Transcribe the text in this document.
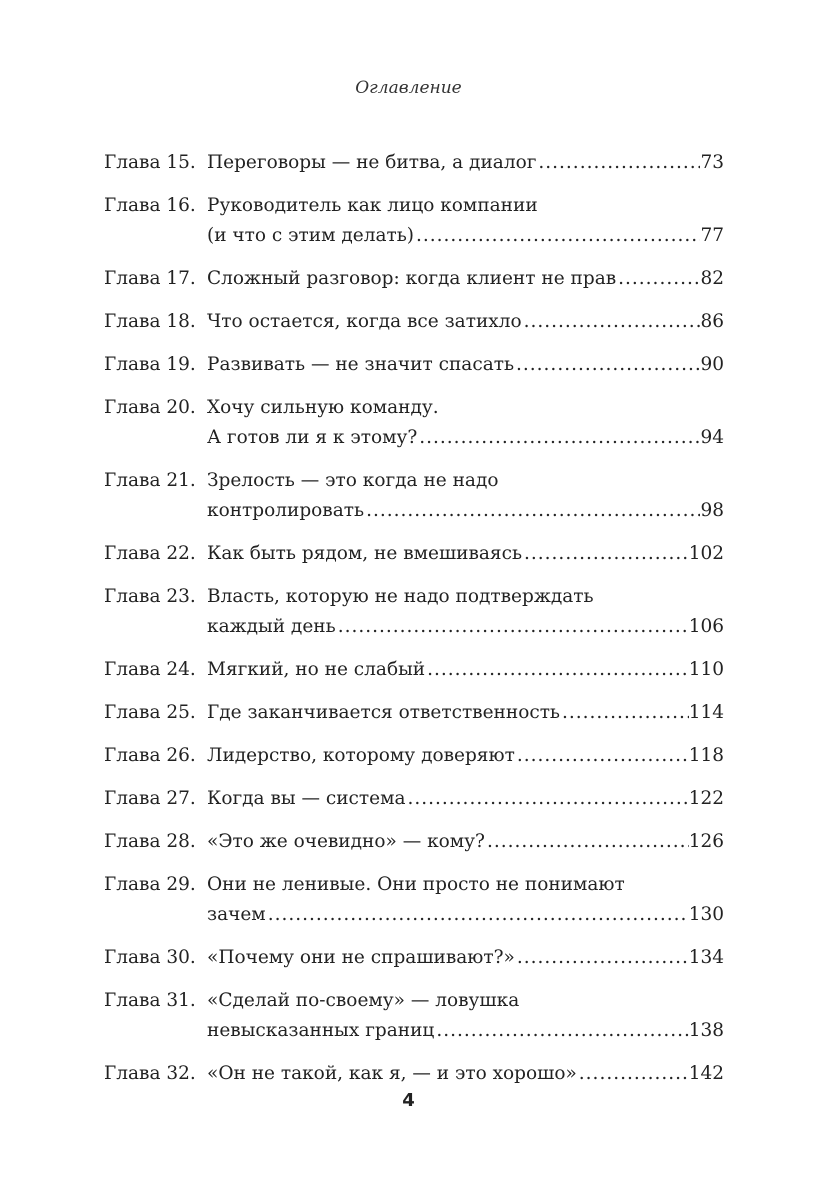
Оглавление
Глава 15. Переговоры — не битва, а диалог .....	73
Глава 16. Руководитель как лицо компании
(и что с этим делать) .....	77
Глава 17. Сложный разговор: когда клиент не прав .....	82
Глава 18. Что остается, когда все затихло .....	86
Глава 19. Развивать — не значит спасать .....	90
Глава 20. Хочу сильную команду.
А готов ли я к этому? .....	94
Глава 21. Зрелость — это когда не надо
контролировать .....	98
Глава 22. Как быть рядом, не вмешиваясь .....	102
Глава 23. Власть, которую не надо подтверждать
каждый день .....	106
Глава 24. Мягкий, но не слабый .....	110
Глава 25. Где заканчивается ответственность .....	114
Глава 26. Лидерство, которому доверяют .....	118
Глава 27. Когда вы — система .....	122
Глава 28. «Это же очевидно» — кому? .....	126
Глава 29. Они не ленивые. Они просто не понимают
зачем .....	130
Глава 30. «Почему они не спрашивают?» .....	134
Глава 31. «Сделай по-своему» — ловушка
невысказанных границ .....	138
Глава 32. «Он не такой, как я, — и это хорошо» .....	142
4
